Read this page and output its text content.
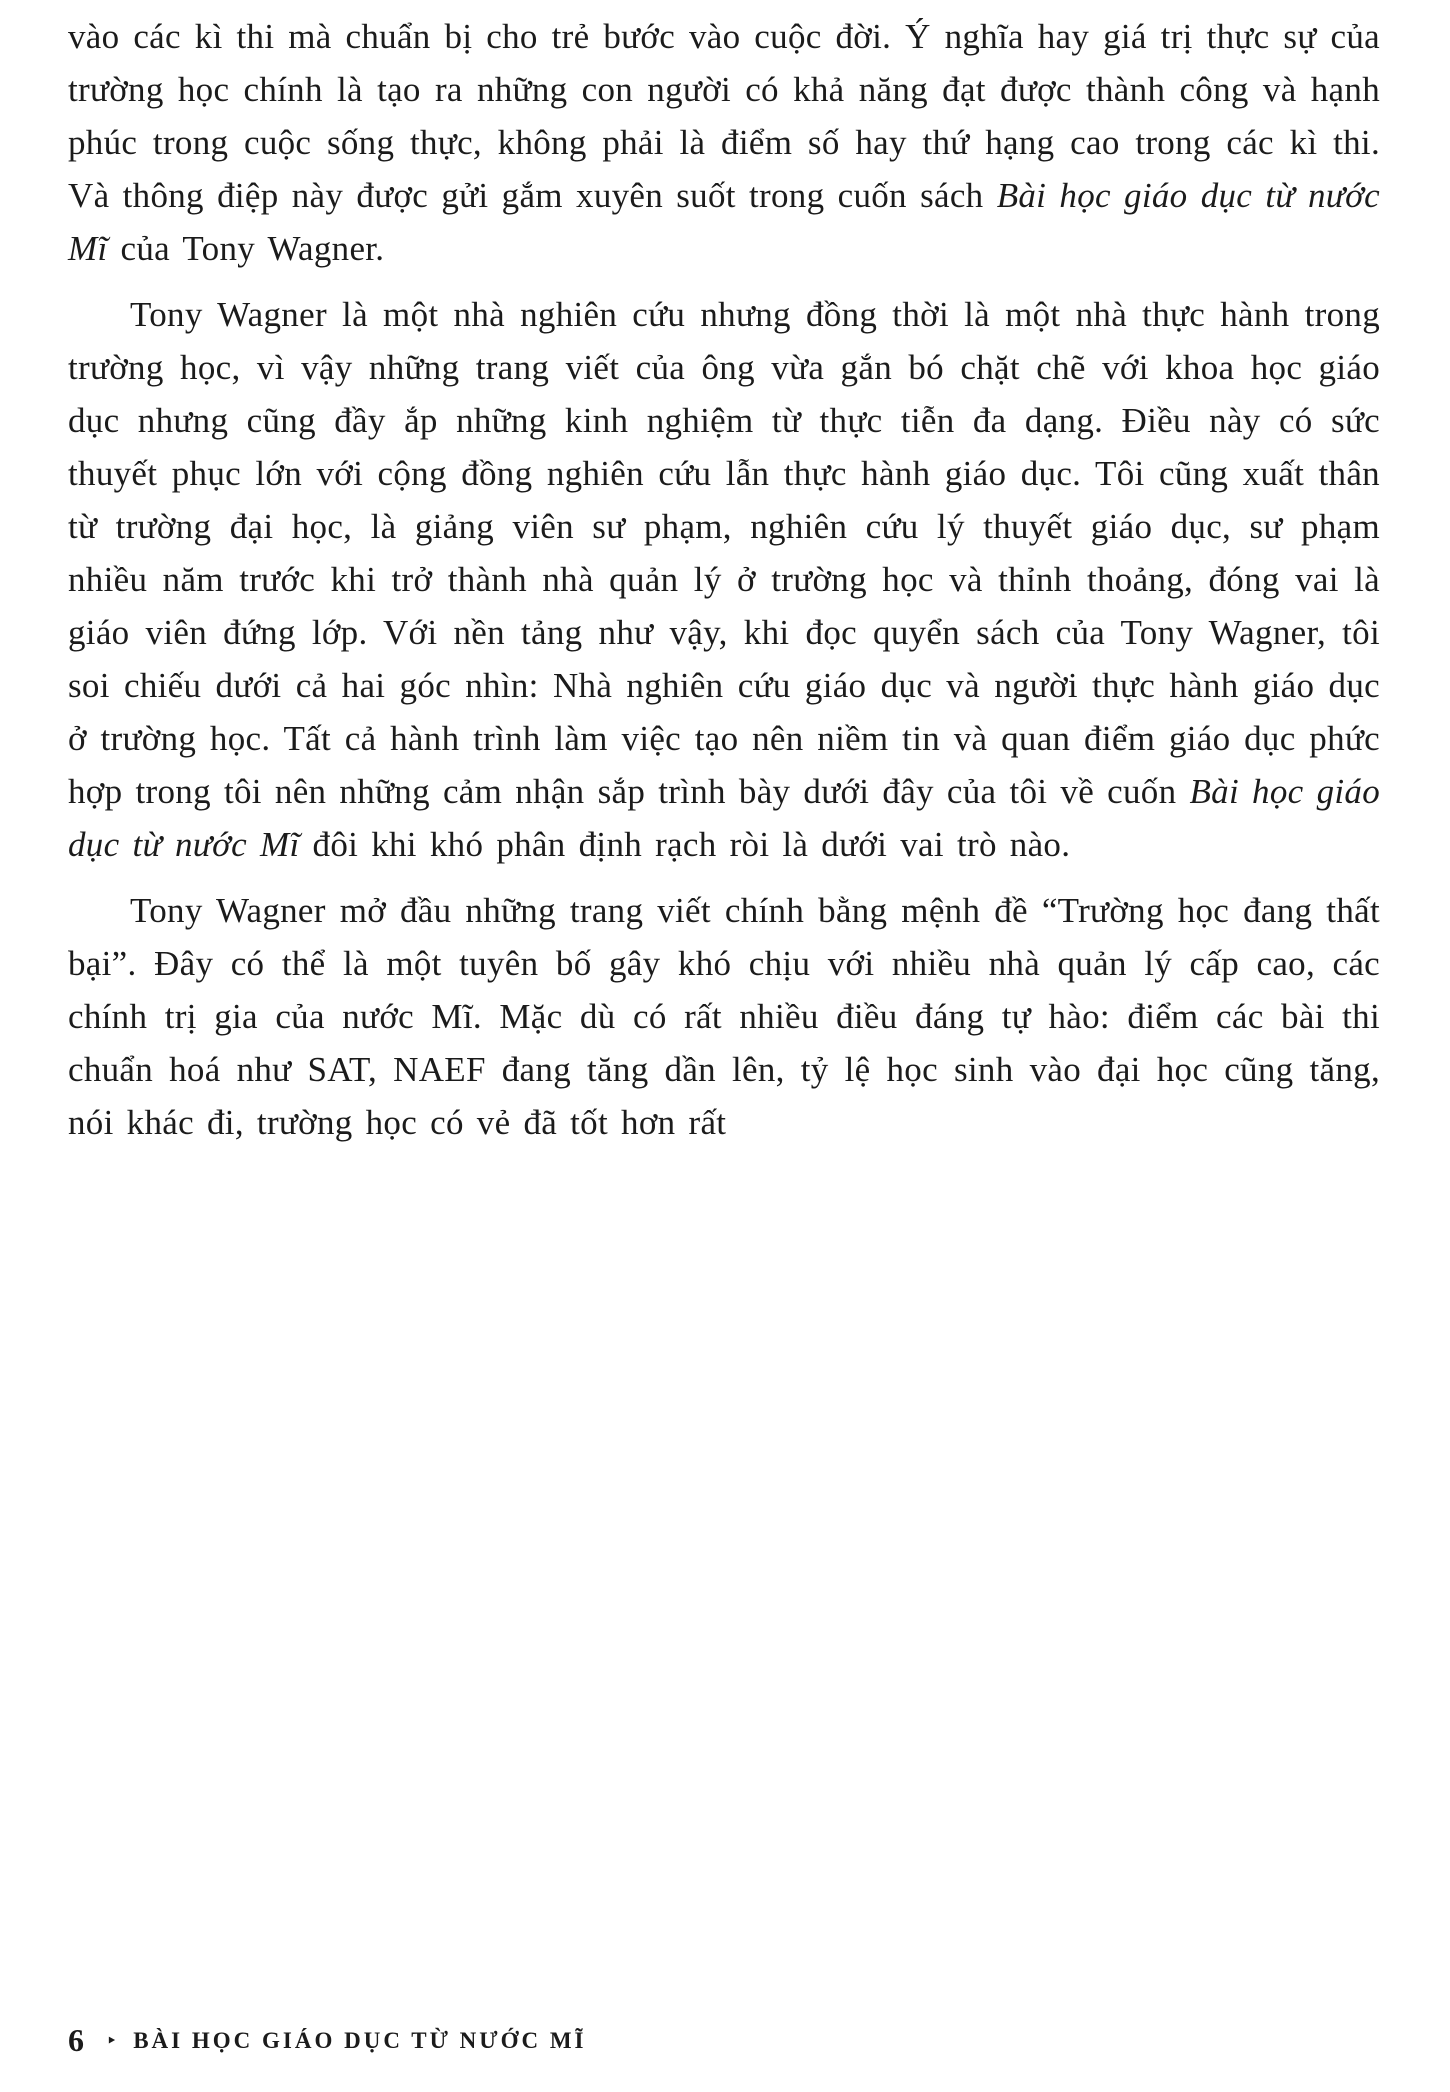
vào các kì thi mà chuẩn bị cho trẻ bước vào cuộc đời. Ý nghĩa hay giá trị thực sự của trường học chính là tạo ra những con người có khả năng đạt được thành công và hạnh phúc trong cuộc sống thực, không phải là điểm số hay thứ hạng cao trong các kì thi. Và thông điệp này được gửi gắm xuyên suốt trong cuốn sách Bài học giáo dục từ nước Mĩ của Tony Wagner.

Tony Wagner là một nhà nghiên cứu nhưng đồng thời là một nhà thực hành trong trường học, vì vậy những trang viết của ông vừa gắn bó chặt chẽ với khoa học giáo dục nhưng cũng đầy ắp những kinh nghiệm từ thực tiễn đa dạng. Điều này có sức thuyết phục lớn với cộng đồng nghiên cứu lẫn thực hành giáo dục. Tôi cũng xuất thân từ trường đại học, là giảng viên sư phạm, nghiên cứu lý thuyết giáo dục, sư phạm nhiều năm trước khi trở thành nhà quản lý ở trường học và thỉnh thoảng, đóng vai là giáo viên đứng lớp. Với nền tảng như vậy, khi đọc quyển sách của Tony Wagner, tôi soi chiếu dưới cả hai góc nhìn: Nhà nghiên cứu giáo dục và người thực hành giáo dục ở trường học. Tất cả hành trình làm việc tạo nên niềm tin và quan điểm giáo dục phức hợp trong tôi nên những cảm nhận sắp trình bày dưới đây của tôi về cuốn Bài học giáo dục từ nước Mĩ đôi khi khó phân định rạch ròi là dưới vai trò nào.

Tony Wagner mở đầu những trang viết chính bằng mệnh đề “Trường học đang thất bại”. Đây có thể là một tuyên bố gây khó chịu với nhiều nhà quản lý cấp cao, các chính trị gia của nước Mĩ. Mặc dù có rất nhiều điều đáng tự hào: điểm các bài thi chuẩn hoá như SAT, NAEF đang tăng dần lên, tỷ lệ học sinh vào đại học cũng tăng, nói khác đi, trường học có vẻ đã tốt hơn rất

6 ‣ BÀI HỌC GIÁO DỤC TỪ NƯỚC MĨ
